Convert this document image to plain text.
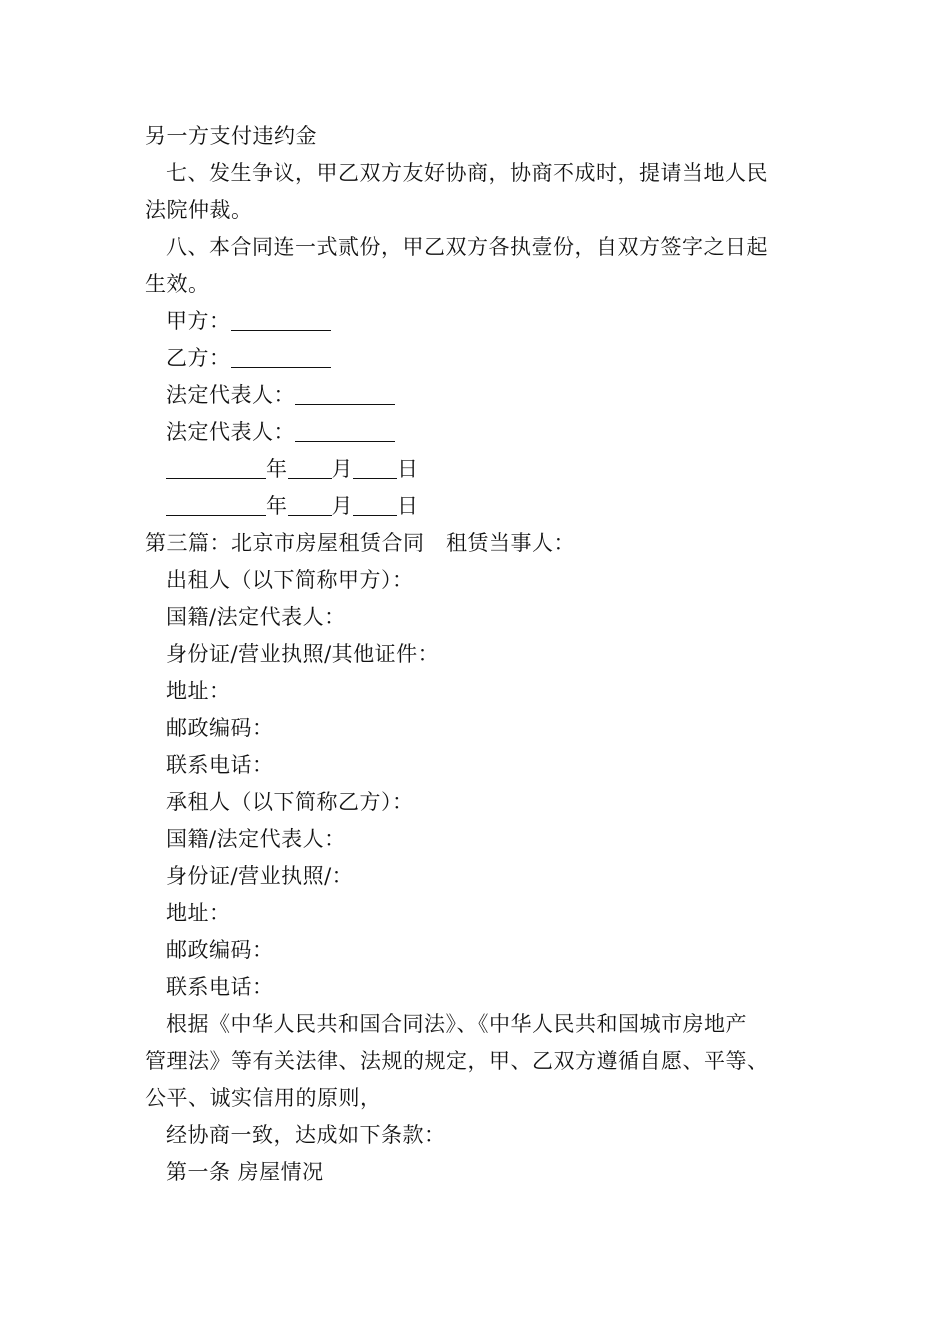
另一方支付违约金
七、发生争议，甲乙双方友好协商，协商不成时，提请当地人民
法院仲裁。
八、本合同连一式贰份，甲乙双方各执壹份，自双方签字之日起
生效。
甲方：
乙方：
法定代表人：
法定代表人：
年 月 日
年 月 日
第三篇：北京市房屋租赁合同　租赁当事人：
出租人（以下简称甲方）：
国籍/法定代表人：
身份证/营业执照/其他证件：
地址：
邮政编码：
联系电话：
承租人（以下简称乙方）：
国籍/法定代表人：
身份证/营业执照/：
地址：
邮政编码：
联系电话：
根据《中华人民共和国合同法》、《中华人民共和国城市房地产
管理法》等有关法律、法规的规定，甲、乙双方遵循自愿、平等、
公平、诚实信用的原则，
经协商一致，达成如下条款：
第一条 房屋情况
